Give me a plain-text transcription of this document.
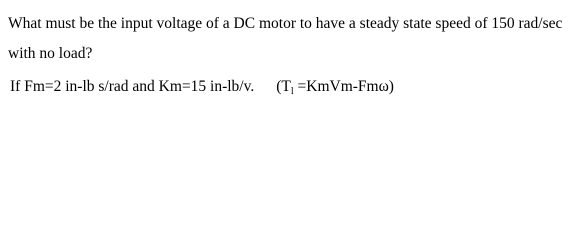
What must be the input voltage of a DC motor to have a steady state speed of 150 rad/sec
with no load?
If Fm=2 in-lb s/rad and Km=15 in-lb/v. ($T_l$ =KmVm-Fmω)
